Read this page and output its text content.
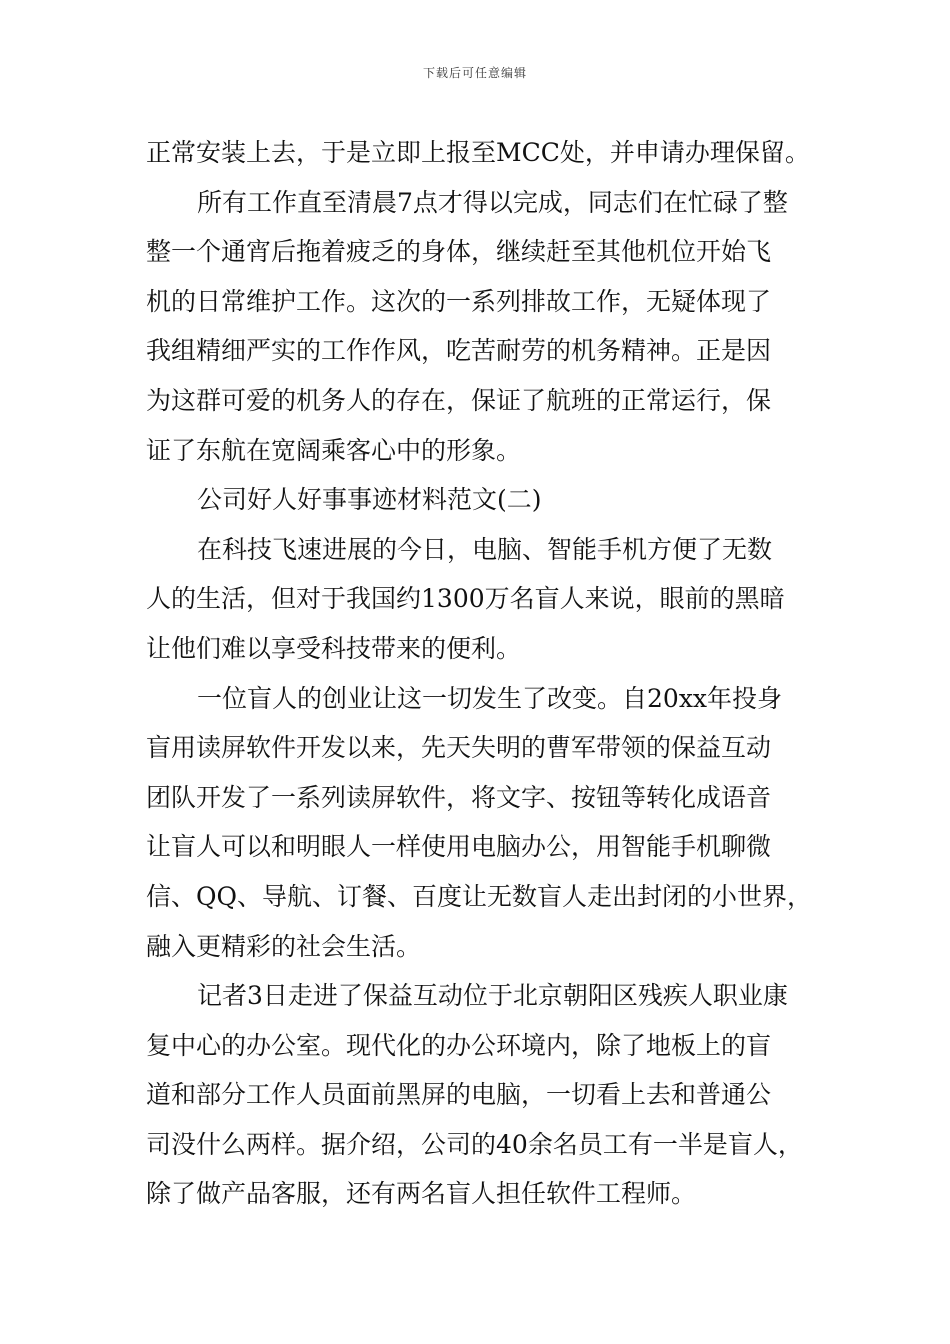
下载后可任意编辑
正常安装上去，于是立即上报至MCC处，并申请办理保留。
所有工作直至清晨7点才得以完成，同志们在忙碌了整
整一个通宵后拖着疲乏的身体，继续赶至其他机位开始飞
机的日常维护工作。这次的一系列排故工作，无疑体现了
我组精细严实的工作作风，吃苦耐劳的机务精神。正是因
为这群可爱的机务人的存在，保证了航班的正常运行，保
证了东航在宽阔乘客心中的形象。
公司好人好事事迹材料范文(二)
在科技飞速进展的今日，电脑、智能手机方便了无数
人的生活，但对于我国约1300万名盲人来说，眼前的黑暗
让他们难以享受科技带来的便利。
一位盲人的创业让这一切发生了改变。自20xx年投身
盲用读屏软件开发以来，先天失明的曹军带领的保益互动
团队开发了一系列读屏软件，将文字、按钮等转化成语音
让盲人可以和明眼人一样使用电脑办公，用智能手机聊微
信、QQ、导航、订餐、百度让无数盲人走出封闭的小世界，
融入更精彩的社会生活。
记者3日走进了保益互动位于北京朝阳区残疾人职业康
复中心的办公室。现代化的办公环境内，除了地板上的盲
道和部分工作人员面前黑屏的电脑，一切看上去和普通公
司没什么两样。据介绍，公司的40余名员工有一半是盲人，
除了做产品客服，还有两名盲人担任软件工程师。
